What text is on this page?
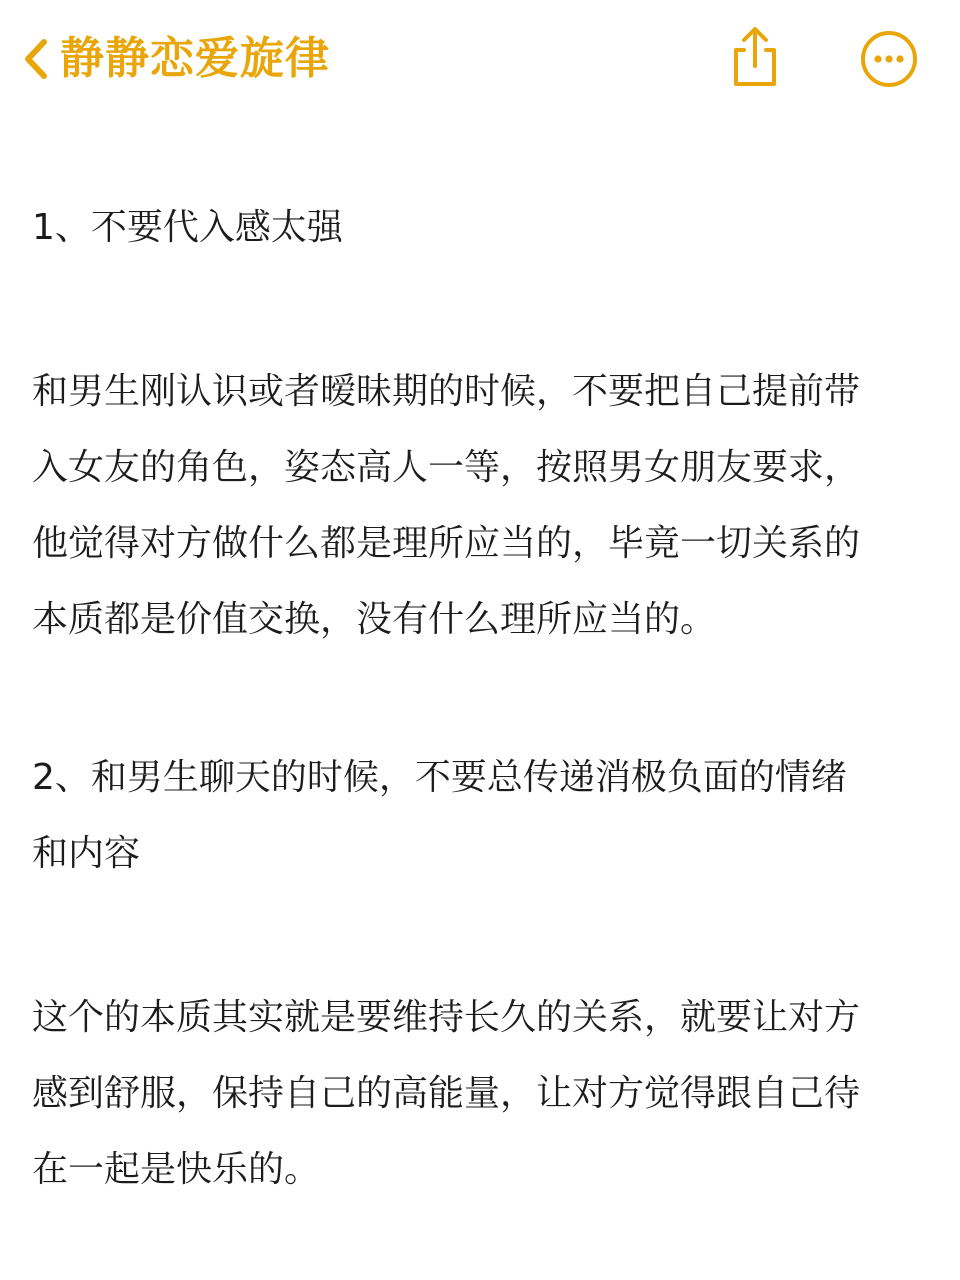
静静恋爱旋律

1、不要代入感太强

和男生刚认识或者暧昧期的时候，不要把自己提前带
入女友的角色，姿态高人一等，按照男女朋友要求，
他觉得对方做什么都是理所应当的，毕竟一切关系的
本质都是价值交换，没有什么理所应当的。

2、和男生聊天的时候，不要总传递消极负面的情绪
和内容

这个的本质其实就是要维持长久的关系，就要让对方
感到舒服，保持自己的高能量，让对方觉得跟自己待
在一起是快乐的。
